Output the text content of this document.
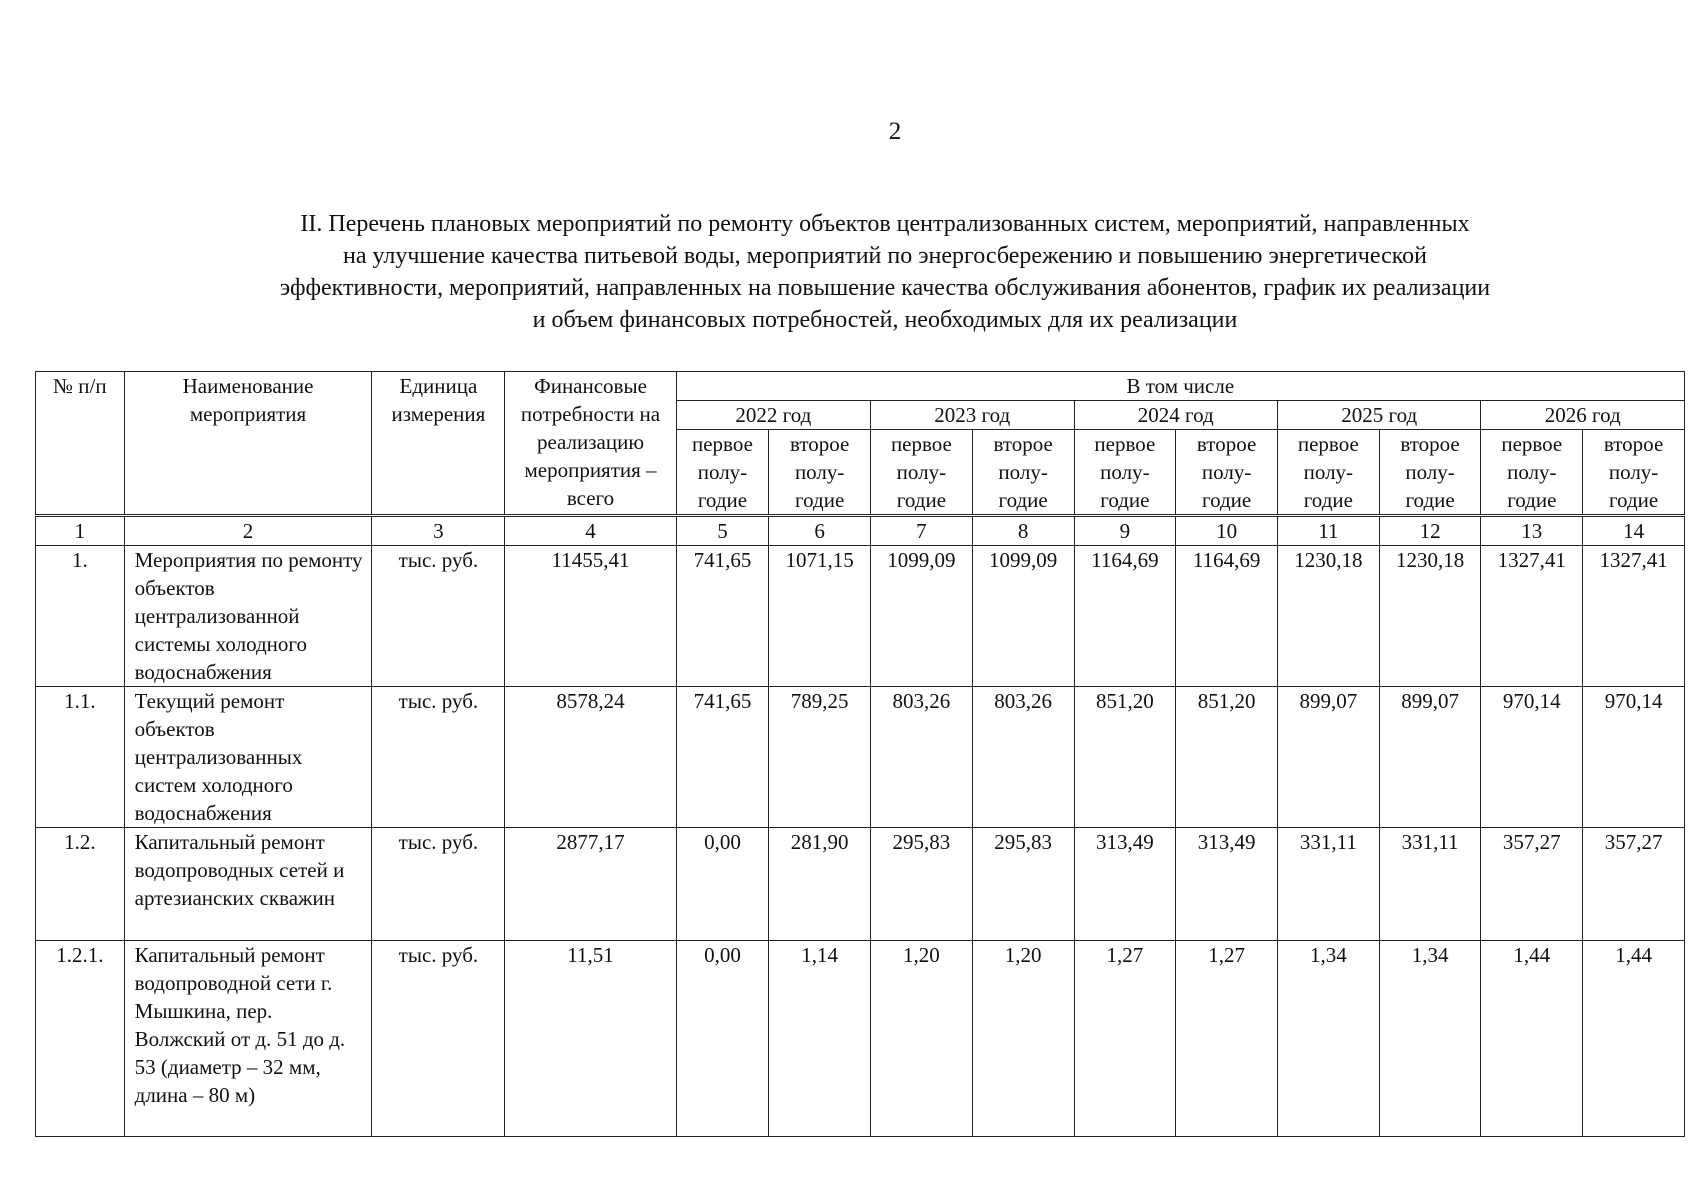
2
II. Перечень плановых мероприятий по ремонту объектов централизованных систем, мероприятий, направленных
на улучшение качества питьевой воды, мероприятий по энергосбережению и повышению энергетической
эффективности, мероприятий, направленных на повышение качества обслуживания абонентов, график их реализации
и объем финансовых потребностей, необходимых для их реализации
№ п/п	Наименование мероприятия	Единица измерения	Финансовые потребности на реализацию мероприятия – всего	В том числе									
				2022 год		2023 год		2024 год		2025 год		2026 год	
				первое полу-годие	второе полу-годие	первое полу-годие	второе полу-годие	первое полу-годие	второе полу-годие	первое полу-годие	второе полу-годие	первое полу-годие	второе полу-годие
1	2	3	4	5	6	7	8	9	10	11	12	13	14
1.	Мероприятия по ремонту объектов централизованной системы холодного водоснабжения	тыс. руб.	11455,41	741,65	1071,15	1099,09	1099,09	1164,69	1164,69	1230,18	1230,18	1327,41	1327,41
1.1.	Текущий ремонт объектов централизованных систем холодного водоснабжения	тыс. руб.	8578,24	741,65	789,25	803,26	803,26	851,20	851,20	899,07	899,07	970,14	970,14
1.2.	Капитальный ремонт водопроводных сетей и артезианских скважин	тыс. руб.	2877,17	0,00	281,90	295,83	295,83	313,49	313,49	331,11	331,11	357,27	357,27
1.2.1.	Капитальный ремонт водопроводной сети г. Мышкина, пер. Волжский от д. 51 до д. 53 (диаметр – 32 мм, длина – 80 м)	тыс. руб.	11,51	0,00	1,14	1,20	1,20	1,27	1,27	1,34	1,34	1,44	1,44
